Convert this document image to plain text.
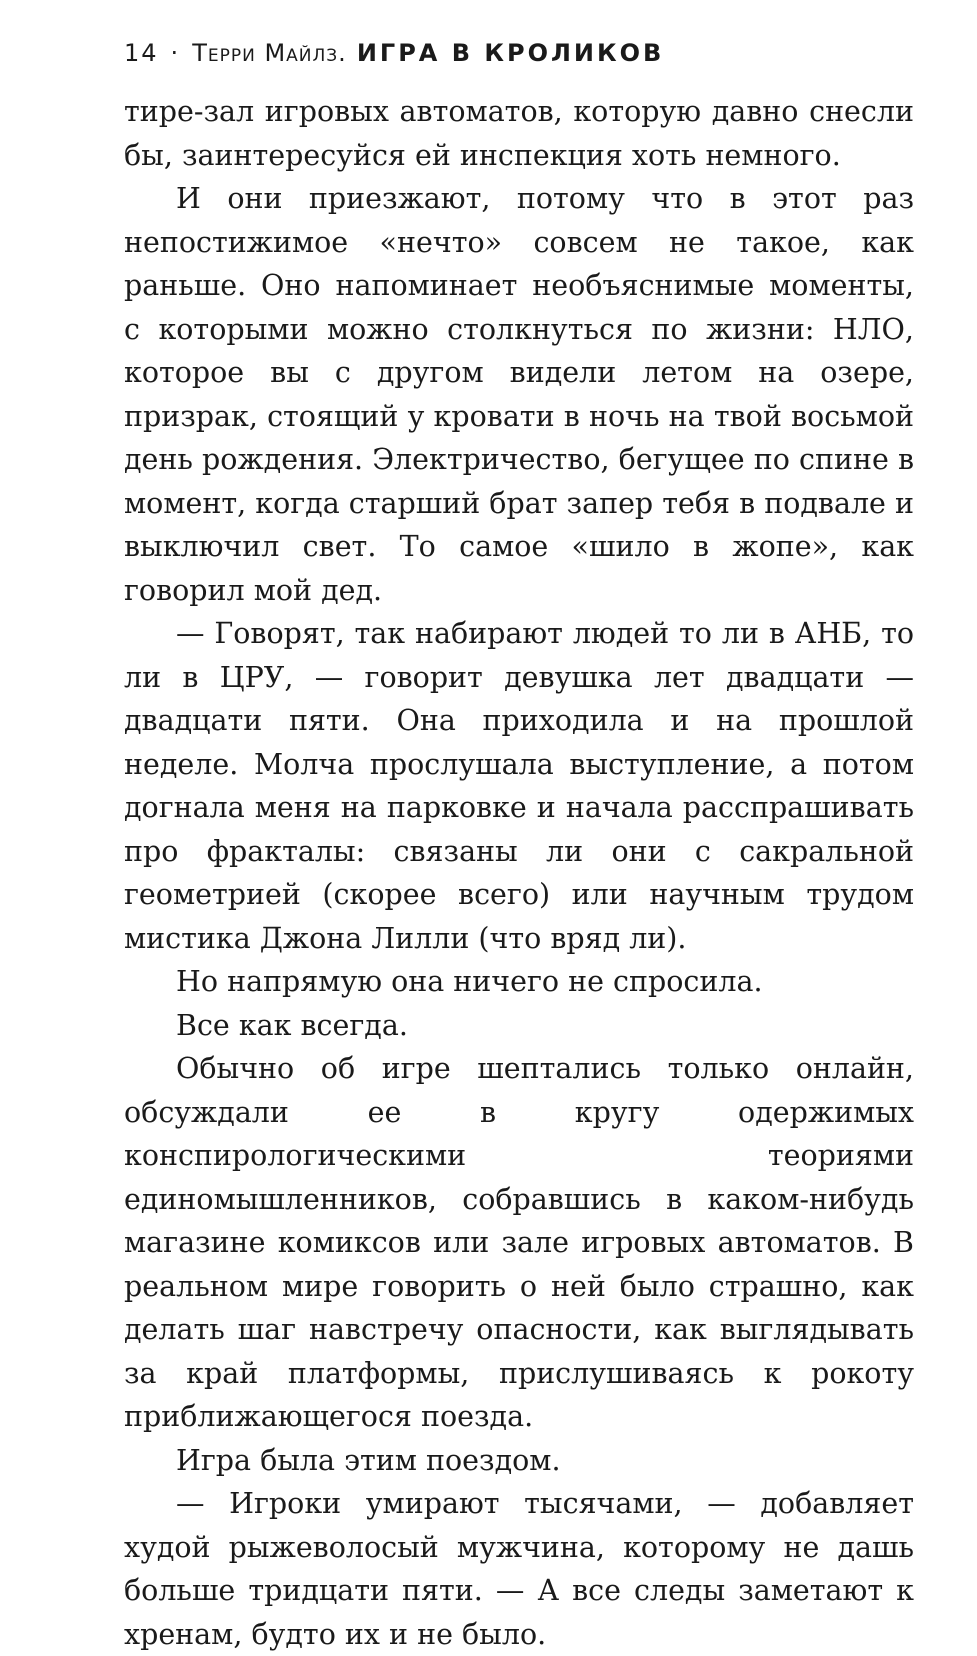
14 · Терри Майлз. ИГРА В КРОЛИКОВ

тире-зал игровых автоматов, которую давно снесли бы, заинтересуйся ей инспекция хоть немного.

И они приезжают, потому что в этот раз непостижимое «нечто» совсем не такое, как раньше. Оно напоминает необъяснимые моменты, с которыми можно столкнуться по жизни: НЛО, которое вы с другом видели летом на озере, призрак, стоящий у кровати в ночь на твой восьмой день рождения. Электричество, бегущее по спине в момент, когда старший брат запер тебя в подвале и выключил свет. То самое «шило в жопе», как говорил мой дед.

— Говорят, так набирают людей то ли в АНБ, то ли в ЦРУ, — говорит девушка лет двадцати — двадцати пяти. Она приходила и на прошлой неделе. Молча прослушала выступление, а потом догнала меня на парковке и начала расспрашивать про фракталы: связаны ли они с сакральной геометрией (скорее всего) или научным трудом мистика Джона Лилли (что вряд ли).

Но напрямую она ничего не спросила.

Все как всегда.

Обычно об игре шептались только онлайн, обсуждали ее в кругу одержимых конспирологическими теориями единомышленников, собравшись в каком-нибудь магазине комиксов или зале игровых автоматов. В реальном мире говорить о ней было страшно, как делать шаг навстречу опасности, как выглядывать за край платформы, прислушиваясь к рокоту приближающегося поезда.

Игра была этим поездом.

— Игроки умирают тысячами, — добавляет худой рыжеволосый мужчина, которому не дашь больше тридцати пяти. — А все следы заметают к хренам, будто их и не было.
